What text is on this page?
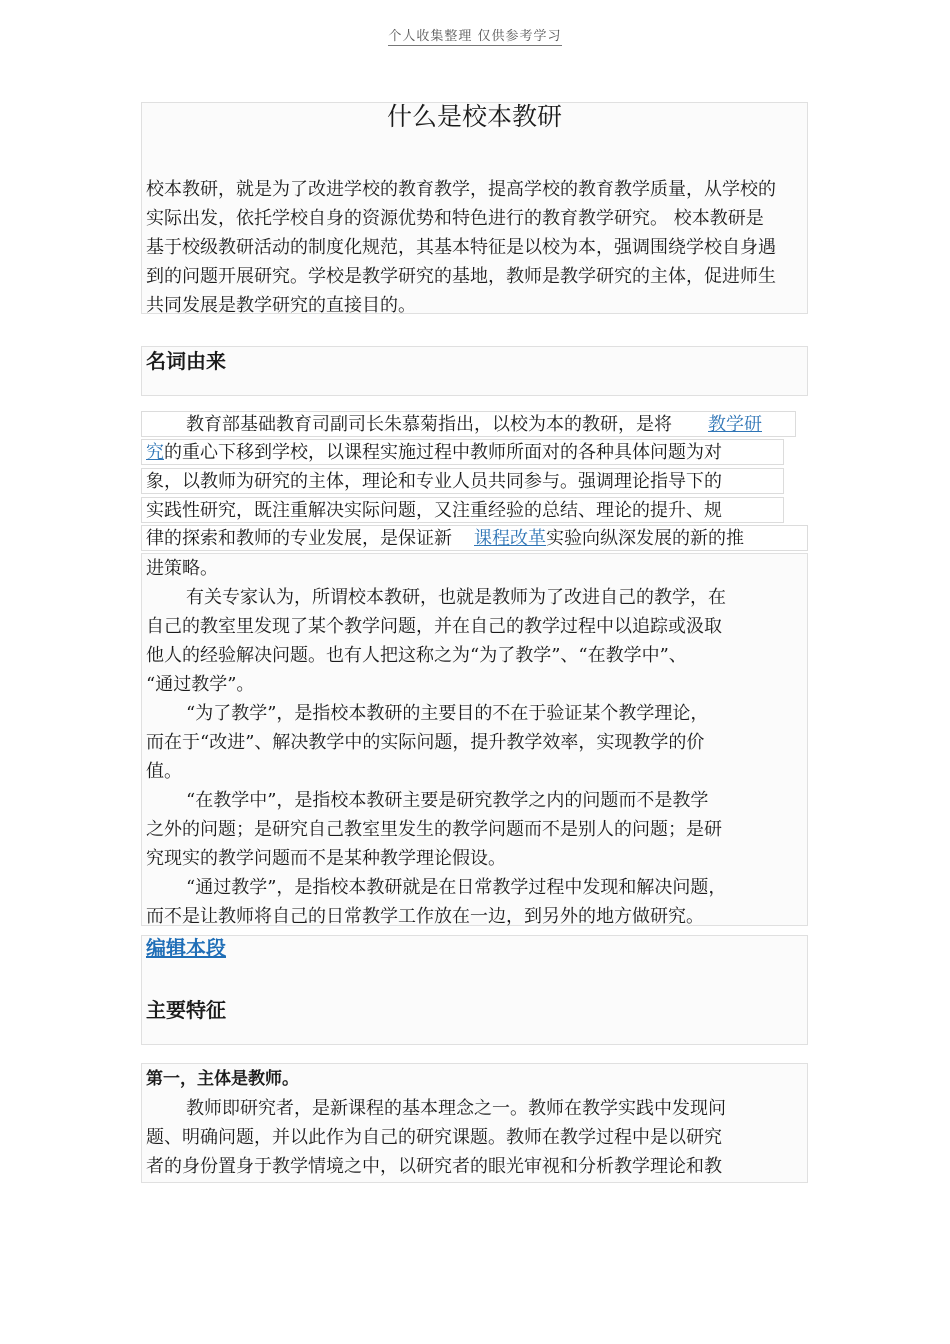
个人收集整理 仅供参考学习
什么是校本教研

校本教研，就是为了改进学校的教育教学，提高学校的教育教学质量，从学校的

实际出发，依托学校自身的资源优势和特色进行的教育教学研究。 校本教研是

基于校级教研活动的制度化规范，其基本特征是以校为本，强调围绕学校自身遇

到的问题开展研究。学校是教学研究的基地，教师是教学研究的主体，促进师生

共同发展是教学研究的直接目的。

名词由来
教育部基础教育司副司长朱慕菊指出，以校为本的教研，是将 教学研
究的重心下移到学校，以课程实施过程中教师所面对的各种具体问题为对
象，以教师为研究的主体，理论和专业人员共同参与。强调理论指导下的
实践性研究，既注重解决实际问题，又注重经验的总结、理论的提升、规
律的探索和教师的专业发展，是保证新 课程改革实验向纵深发展的新的推

进策略。

有关专家认为，所谓校本教研，也就是教师为了改进自己的教学，在

自己的教室里发现了某个教学问题，并在自己的教学过程中以追踪或汲取

他人的经验解决问题。也有人把这称之为“为了教学”、“在教学中”、

“通过教学”。

“为了教学”，是指校本教研的主要目的不在于验证某个教学理论，

而在于“改进”、解决教学中的实际问题，提升教学效率，实现教学的价

值。

“在教学中”，是指校本教研主要是研究教学之内的问题而不是教学

之外的问题；是研究自己教室里发生的教学问题而不是别人的问题；是研

究现实的教学问题而不是某种教学理论假设。

“通过教学”，是指校本教研就是在日常教学过程中发现和解决问题，

而不是让教师将自己的日常教学工作放在一边，到另外的地方做研究。

编辑本段
主要特征
第一，主体是教师。

教师即研究者，是新课程的基本理念之一。教师在教学实践中发现问

题、明确问题，并以此作为自己的研究课题。教师在教学过程中是以研究

者的身份置身于教学情境之中，以研究者的眼光审视和分析教学理论和教
